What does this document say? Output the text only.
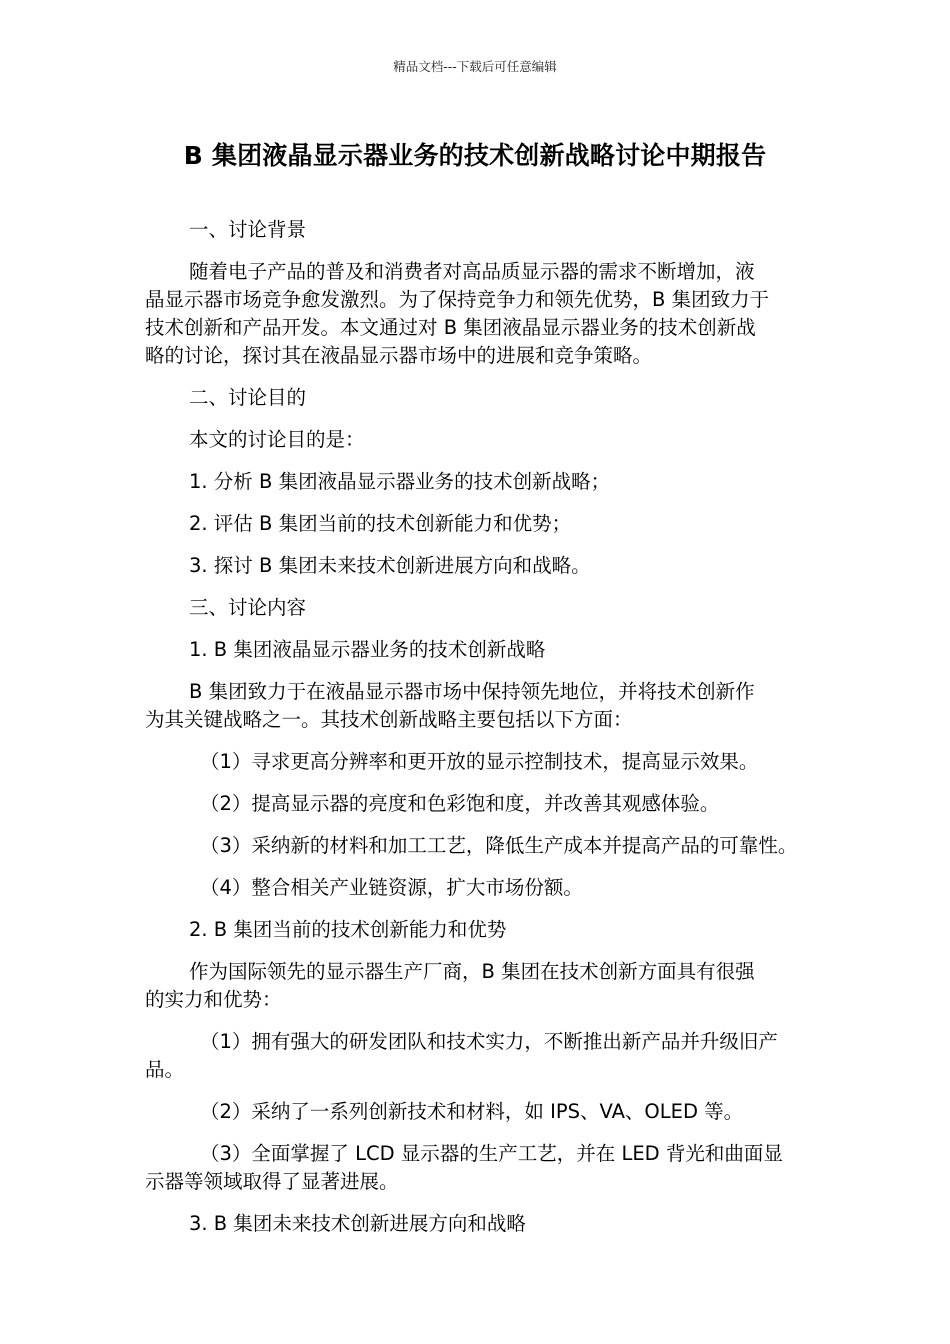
精品文档---下载后可任意编辑
B 集团液晶显示器业务的技术创新战略讨论中期报告

一、讨论背景

随着电子产品的普及和消费者对高品质显示器的需求不断增加，液
晶显示器市场竞争愈发激烈。为了保持竞争力和领先优势，B 集团致力于
技术创新和产品开发。本文通过对 B 集团液晶显示器业务的技术创新战
略的讨论，探讨其在液晶显示器市场中的进展和竞争策略。

二、讨论目的

本文的讨论目的是：

1. 分析 B 集团液晶显示器业务的技术创新战略；

2. 评估 B 集团当前的技术创新能力和优势；

3. 探讨 B 集团未来技术创新进展方向和战略。

三、讨论内容

1. B 集团液晶显示器业务的技术创新战略

B 集团致力于在液晶显示器市场中保持领先地位，并将技术创新作
为其关键战略之一。其技术创新战略主要包括以下方面：

（1）寻求更高分辨率和更开放的显示控制技术，提高显示效果。

（2）提高显示器的亮度和色彩饱和度，并改善其观感体验。

（3）采纳新的材料和加工工艺，降低生产成本并提高产品的可靠性。

（4）整合相关产业链资源，扩大市场份额。

2. B 集团当前的技术创新能力和优势

作为国际领先的显示器生产厂商，B 集团在技术创新方面具有很强
的实力和优势：

（1）拥有强大的研发团队和技术实力，不断推出新产品并升级旧产
品。

（2）采纳了一系列创新技术和材料，如 IPS、VA、OLED 等。

（3）全面掌握了 LCD 显示器的生产工艺，并在 LED 背光和曲面显
示器等领域取得了显著进展。

3. B 集团未来技术创新进展方向和战略
